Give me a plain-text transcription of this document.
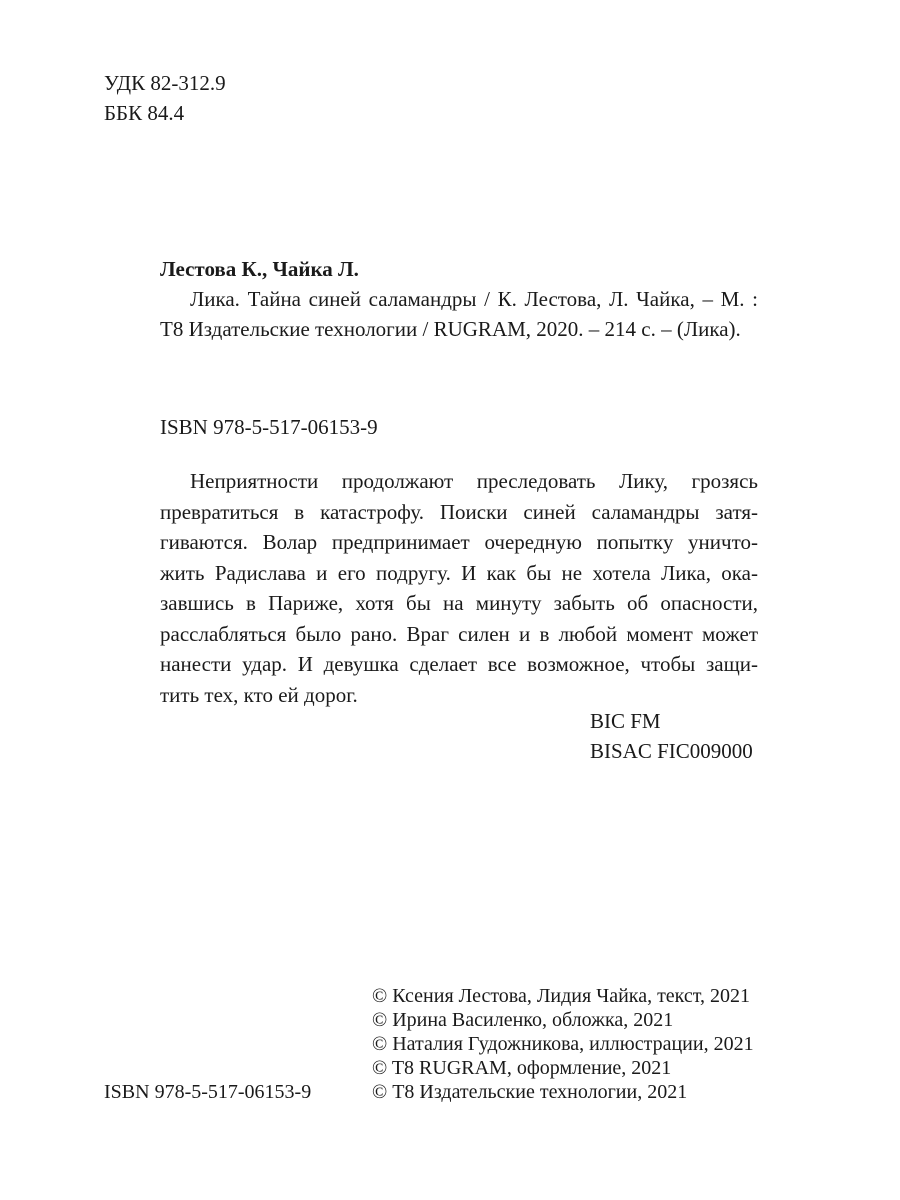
УДК 82-312.9
ББК 84.4
Лестова К., Чайка Л.
Лика. Тайна синей саламандры / К. Лестова, Л. Чайка, – М. : Т8 Издательские технологии / RUGRAM, 2020. – 214 с. – (Лика).
ISBN 978-5-517-06153-9
Неприятности продолжают преследовать Лику, грозясь
превратиться в катастрофу. Поиски синей саламандры затя-
гиваются. Волар предпринимает очередную попытку уничто-
жить Радислава и его подругу. И как бы не хотела Лика, ока-
завшись в Париже, хотя бы на минуту забыть об опасности,
расслабляться было рано. Враг силен и в любой момент может
нанести удар. И девушка сделает все возможное, чтобы защи-
тить тех, кто ей дорог.
BIC FM
BISAC FIC009000
© Ксения Лестова, Лидия Чайка, текст, 2021
© Ирина Василенко, обложка, 2021
© Наталия Гудожникова, иллюстрации, 2021
© T8 RUGRAM, оформление, 2021
© Т8 Издательские технологии, 2021
ISBN 978-5-517-06153-9
